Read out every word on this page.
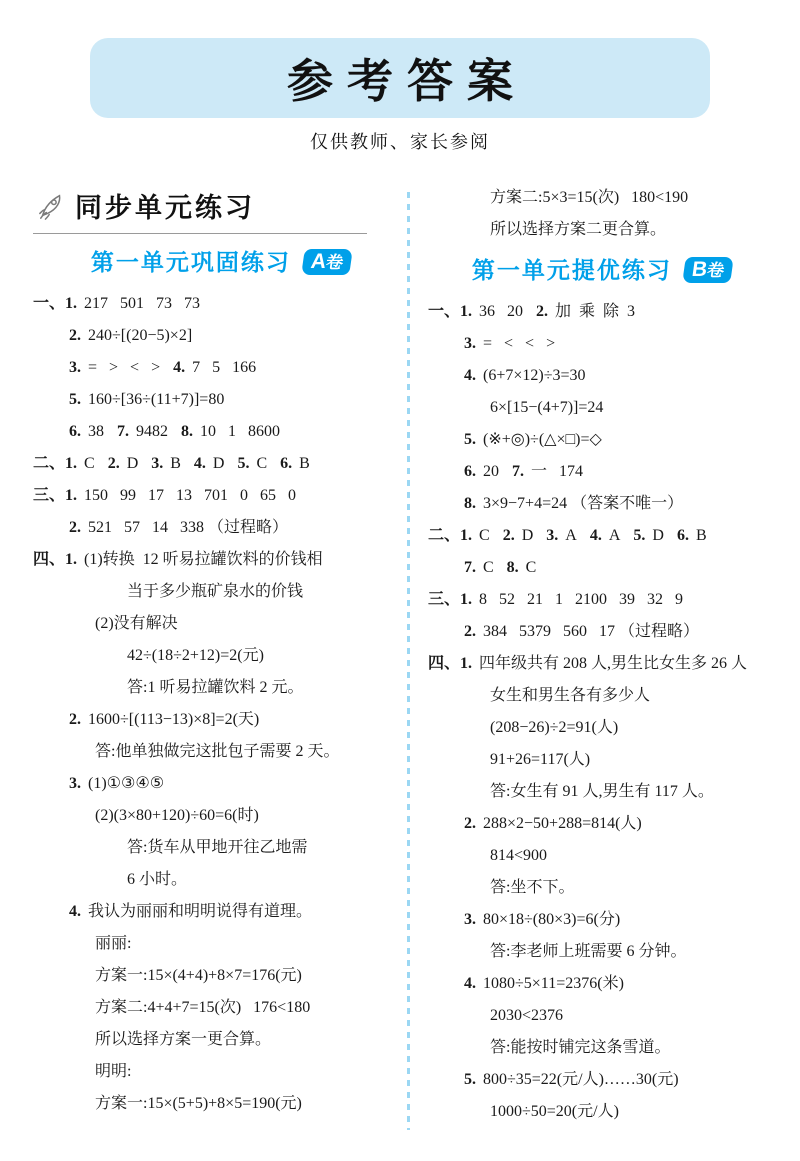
参考答案
仅供教师、家长参阅
同步单元练习
第一单元巩固练习 A卷
一、1. 217   501   73   73
2. 240÷[(20−5)×2]
3. =   >   <   > 4. 7   5   166
5. 160÷[36÷(11+7)]=80
6. 38 7. 9482 8. 10   1   8600
二、1. C 2. D 3. B 4. D 5. C 6. B
三、1. 150   99   17   13   701   0   65   0
2. 521   57   14   338 （过程略）
四、1. (1)转换  12 听易拉罐饮料的价钱相
当于多少瓶矿泉水的价钱
(2)没有解决
42÷(18÷2+12)=2(元)
答:1 听易拉罐饮料 2 元。
2. 1600÷[(113−13)×8]=2(天)
答:他单独做完这批包子需要 2 天。
3. (1)①③④⑤
(2)(3×80+120)÷60=6(时)
答:货车从甲地开往乙地需
6 小时。
4. 我认为丽丽和明明说得有道理。
丽丽:
方案一:15×(4+4)+8×7=176(元)
方案二:4+4+7=15(次)   176<180
所以选择方案一更合算。
明明:
方案一:15×(5+5)+8×5=190(元)
方案二:5×3=15(次)   180<190
所以选择方案二更合算。
第一单元提优练习 B卷
一、1. 36   20 2. 加  乘  除  3
3. =   <   <   >
4. (6+7×12)÷3=30
6×[15−(4+7)]=24
5. (※+◎)÷(△×□)=◇
6. 20 7. 一   174
8. 3×9−7+4=24 （答案不唯一）
二、1. C 2. D 3. A 4. A 5. D 6. B
7. C 8. C
三、1. 8   52   21   1   2100   39   32   9
2. 384   5379   560   17 （过程略）
四、1. 四年级共有 208 人,男生比女生多 26 人
女生和男生各有多少人
(208−26)÷2=91(人)
91+26=117(人)
答:女生有 91 人,男生有 117 人。
2. 288×2−50+288=814(人)
814<900
答:坐不下。
3. 80×18÷(80×3)=6(分)
答:李老师上班需要 6 分钟。
4. 1080÷5×11=2376(米)
2030<2376
答:能按时铺完这条雪道。
5. 800÷35=22(元/人)……30(元)
1000÷50=20(元/人)
